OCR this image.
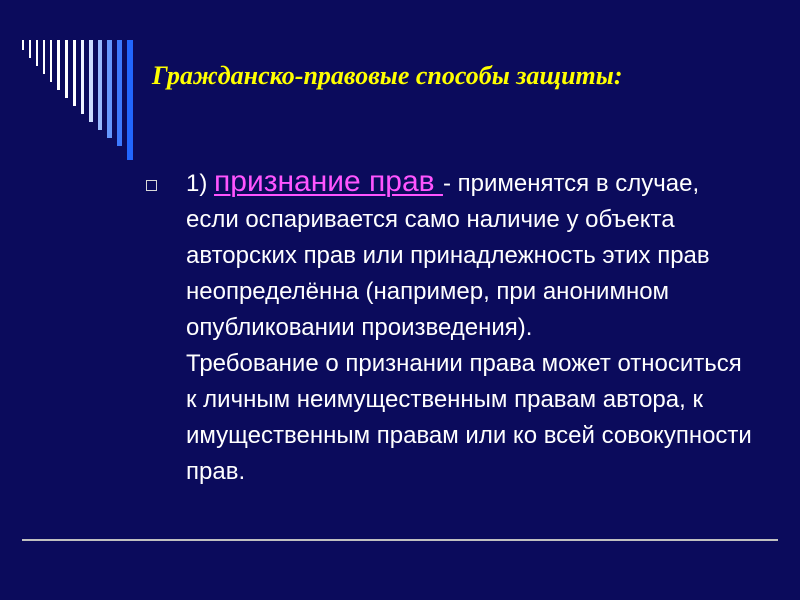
Гражданско-правовые способы защиты:

1) признание прав - применятся в случае, если оспаривается само наличие у объекта авторских прав или принадлежность этих прав неопределённа (например, при анонимном опубликовании произведения).
Требование о признании права может относиться к личным неимущественным правам автора, к имущественным правам или ко всей совокупности прав.
